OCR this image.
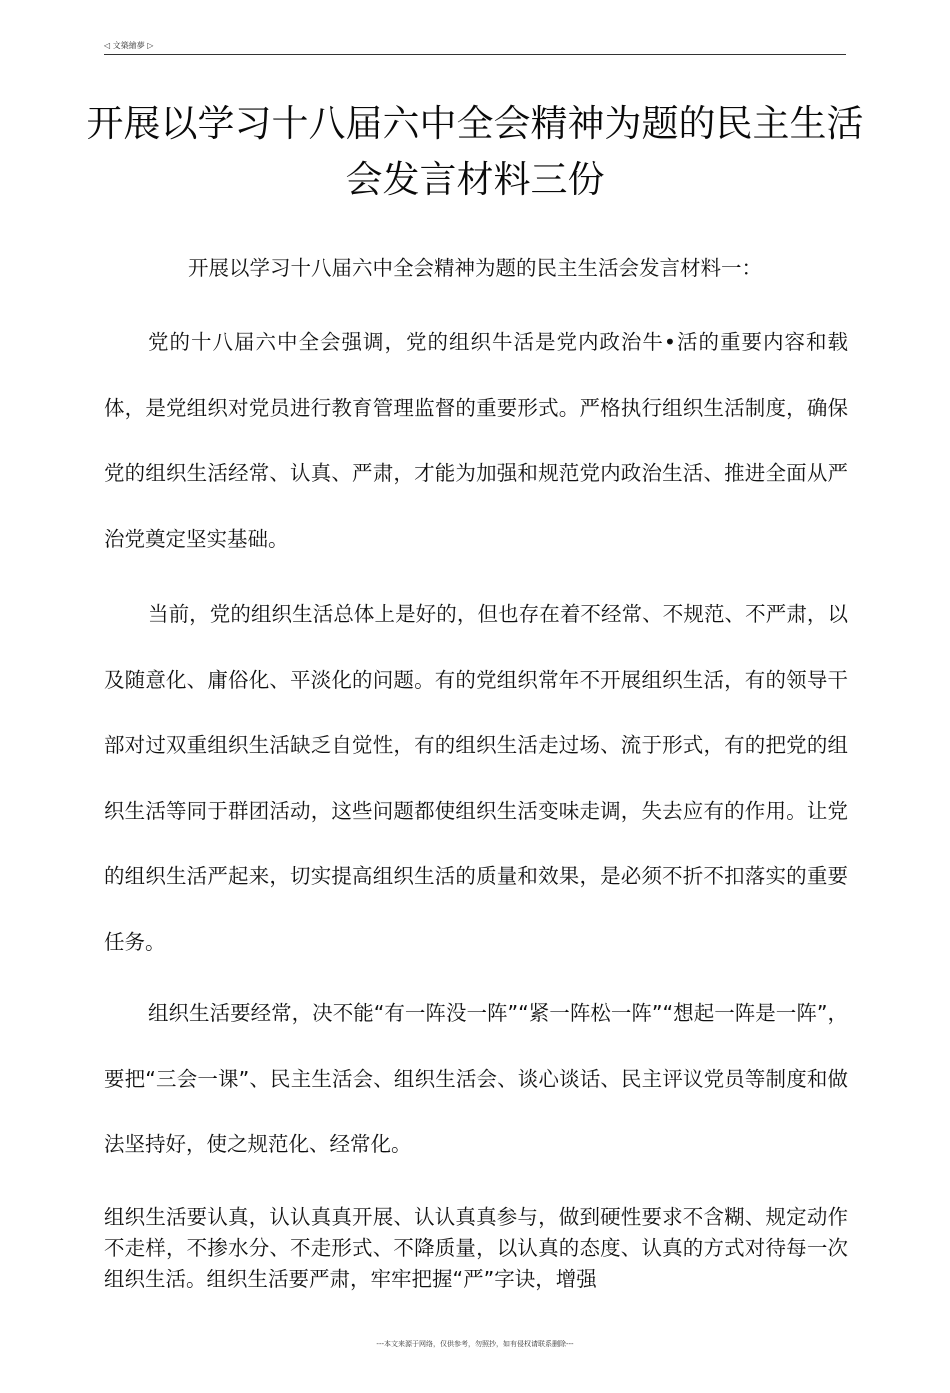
◁ 文築繪夢 ▷
开展以学习十八届六中全会精神为题的民主生活会发言材料三份

开展以学习十八届六中全会精神为题的民主生活会发言材料一：

党的十八届六中全会强调，党的组织牛活是党内政治牛•活的重要内容和载体，是党组织对党员进行教育管理监督的重要形式。严格执行组织生活制度，确保党的组织生活经常、认真、严肃，才能为加强和规范党内政治生活、推进全面从严治党奠定坚实基础。

当前，党的组织生活总体上是好的，但也存在着不经常、不规范、不严肃，以及随意化、庸俗化、平淡化的问题。有的党组织常年不开展组织生活，有的领导干部对过双重组织生活缺乏自觉性，有的组织生活走过场、流于形式，有的把党的组织生活等同于群团活动，这些问题都使组织生活变味走调，失去应有的作用。让党的组织生活严起来，切实提高组织生活的质量和效果，是必须不折不扣落实的重要任务。

组织生活要经常，决不能“有一阵没一阵”“紧一阵松一阵”“想起一阵是一阵”，要把“三会一课”、民主生活会、组织生活会、谈心谈话、民主评议党员等制度和做法坚持好，使之规范化、经常化。

组织生活要认真，认认真真开展、认认真真参与，做到硬性要求不含糊、规定动作不走样，不掺水分、不走形式、不降质量，以认真的态度、认真的方式对待每一次组织生活。组织生活要严肃，牢牢把握“严”字诀，增强

---本文来源于网络，仅供参考，勿照抄，如有侵权请联系删除---
